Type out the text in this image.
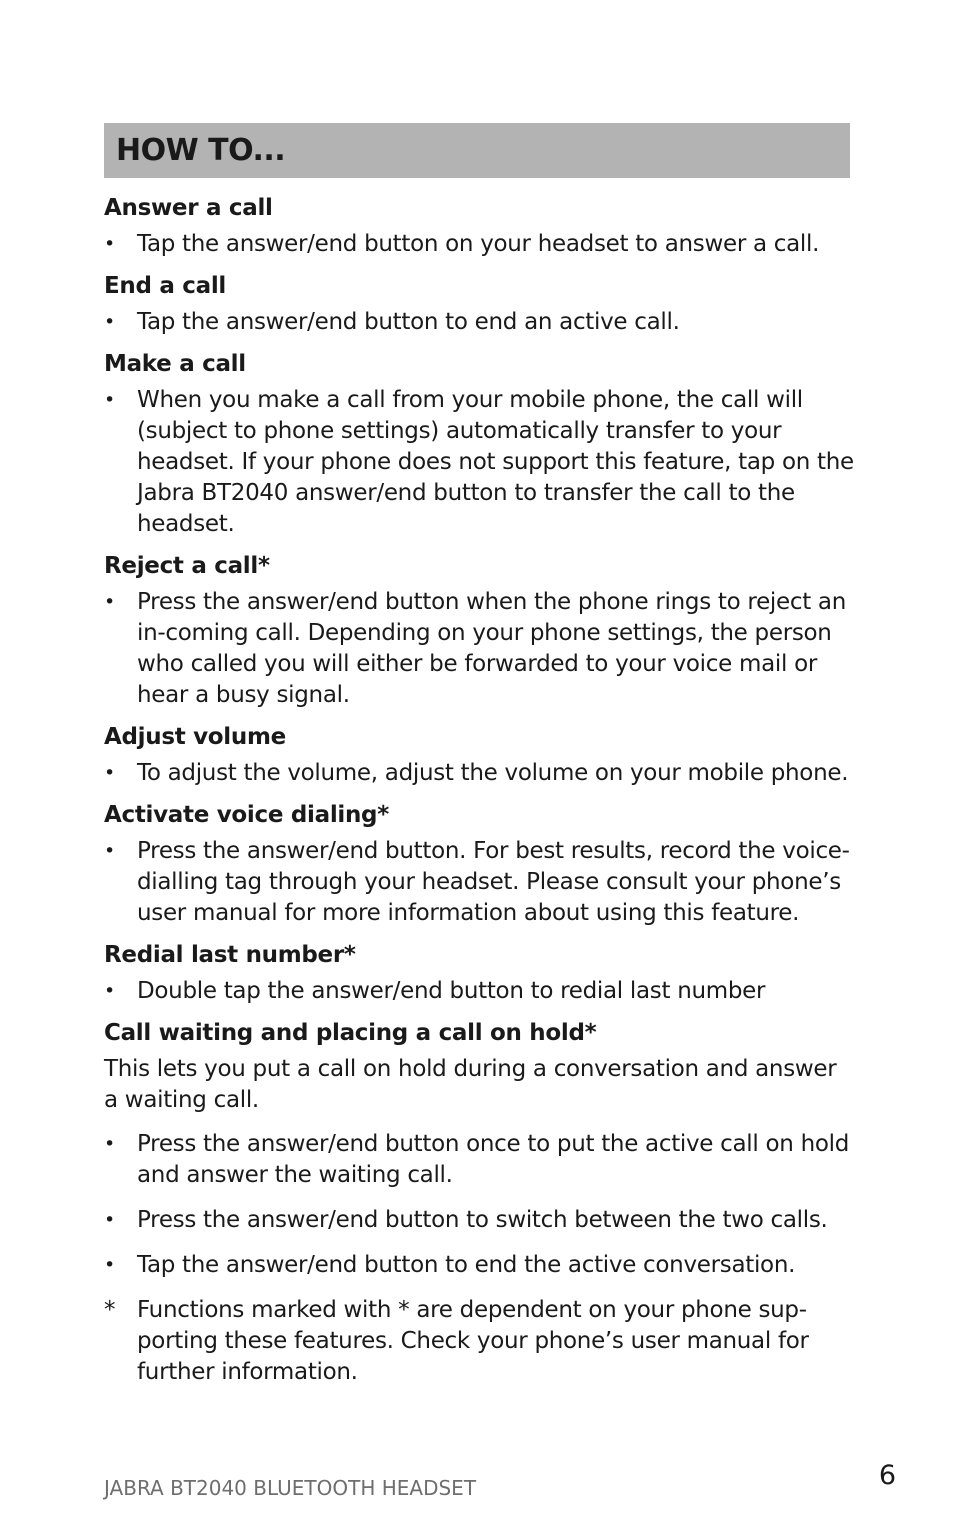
HOW TO...
Answer a call
• Tap the answer/end button on your headset to answer a call.
End a call
• Tap the answer/end button to end an active call.
Make a call
• When you make a call from your mobile phone, the call will (subject to phone settings) automatically transfer to your headset. If your phone does not support this feature, tap on the Jabra BT2040 answer/end button to transfer the call to the headset.
Reject a call*
• Press the answer/end button when the phone rings to reject an in-coming call. Depending on your phone settings, the person who called you will either be forwarded to your voice mail or hear a busy signal.
Adjust volume
• To adjust the volume, adjust the volume on your mobile phone.
Activate voice dialing*
• Press the answer/end button. For best results, record the voice-dialling tag through your headset. Please consult your phone’s user manual for more information about using this feature.
Redial last number*
• Double tap the answer/end button to redial last number
Call waiting and placing a call on hold*

This lets you put a call on hold during a conversation and answer a waiting call.

• Press the answer/end button once to put the active call on hold and answer the waiting call.
• Press the answer/end button to switch between the two calls.
• Tap the answer/end button to end the active conversation.
* Functions marked with * are dependent on your phone sup-porting these features. Check your phone’s user manual for further information.
JABRA BT2040 BLUETOOTH HEADSET	6
